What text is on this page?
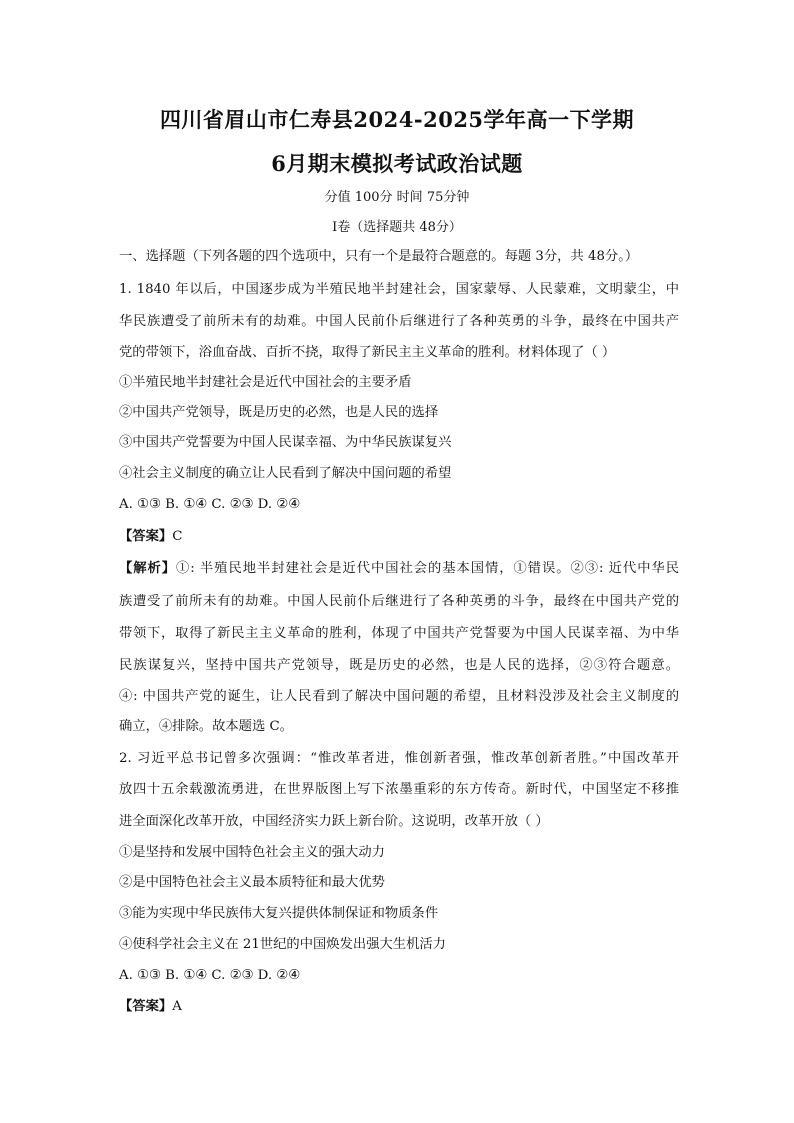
四川省眉山市仁寿县2024-2025学年高一下学期
6月期末模拟考试政治试题
分值 100分 时间 75分钟
I卷（选择题共 48分）
一、选择题（下列各题的四个选项中，只有一个是最符合题意的。每题 3分，共 48分。）
1. 1840 年以后，中国逐步成为半殖民地半封建社会，国家蒙辱、人民蒙难，文明蒙尘，中
华民族遭受了前所未有的劫难。中国人民前仆后继进行了各种英勇的斗争，最终在中国共产
党的带领下，浴血奋战、百折不挠，取得了新民主主义革命的胜利。材料体现了（ ）
①半殖民地半封建社会是近代中国社会的主要矛盾
②中国共产党领导，既是历史的必然，也是人民的选择
③中国共产党誓要为中国人民谋幸福、为中华民族谋复兴
④社会主义制度的确立让人民看到了解决中国问题的希望
A. ①③ B. ①④ C. ②③ D. ②④
【答案】C
【解析】①: 半殖民地半封建社会是近代中国社会的基本国情，①错误。②③: 近代中华民
族遭受了前所未有的劫难。中国人民前仆后继进行了各种英勇的斗争，最终在中国共产党的
带领下，取得了新民主主义革命的胜利，体现了中国共产党誓要为中国人民谋幸福、为中华
民族谋复兴，坚持中国共产党领导，既是历史的必然，也是人民的选择，②③符合题意。
④: 中国共产党的诞生，让人民看到了解决中国问题的希望，且材料没涉及社会主义制度的
确立，④排除。故本题选 C。
2. 习近平总书记曾多次强调：“惟改革者进，惟创新者强，惟改革创新者胜。”中国改革开
放四十五余载激流勇进，在世界版图上写下浓墨重彩的东方传奇。新时代，中国坚定不移推
进全面深化改革开放，中国经济实力跃上新台阶。这说明，改革开放（ ）
①是坚持和发展中国特色社会主义的强大动力
②是中国特色社会主义最本质特征和最大优势
③能为实现中华民族伟大复兴提供体制保证和物质条件
④使科学社会主义在 21世纪的中国焕发出强大生机活力
A. ①③ B. ①④ C. ②③ D. ②④
【答案】A
